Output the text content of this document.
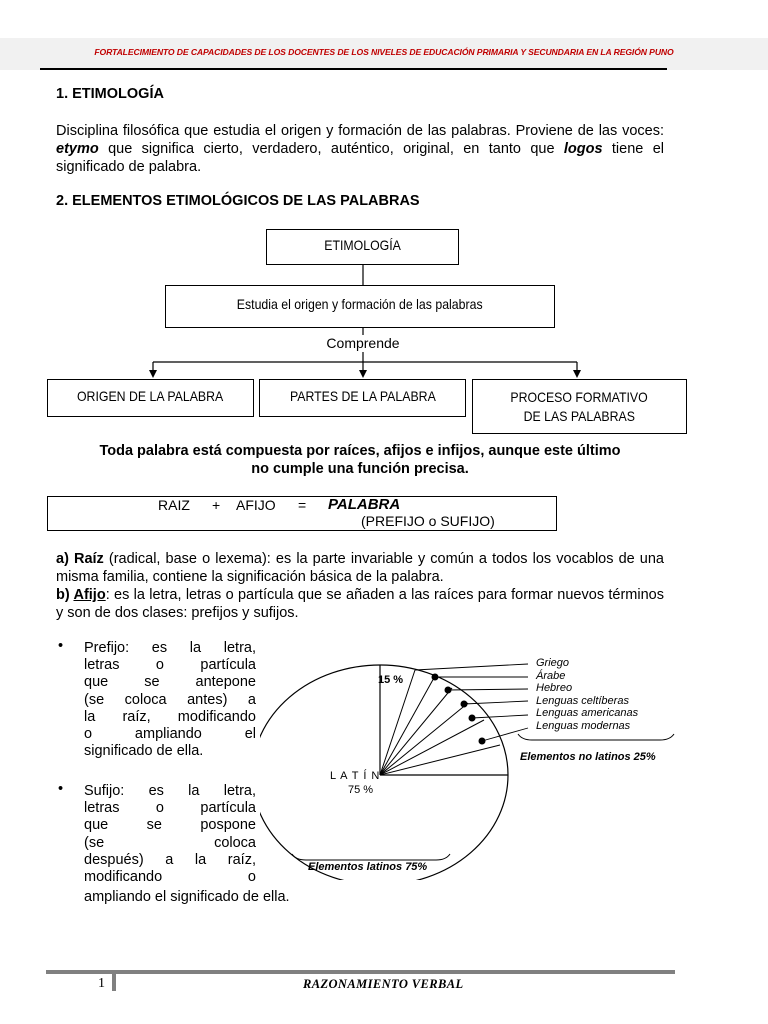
FORTALECIMIENTO DE CAPACIDADES DE LOS DOCENTES DE LOS NIVELES DE EDUCACIÓN PRIMARIA Y SECUNDARIA EN LA REGIÓN PUNO
1. ETIMOLOGÍA
Disciplina filosófica que estudia el origen y formación de las palabras. Proviene de las voces: etymo que significa cierto, verdadero, auténtico, original, en tanto que logos tiene el significado de palabra.
2. ELEMENTOS ETIMOLÓGICOS DE LAS PALABRAS
ETIMOLOGÍA
Estudia el origen y formación de las palabras
Comprende
ORIGEN DE LA PALABRA	PARTES DE LA PALABRA	PROCESO FORMATIVO
DE LAS PALABRAS
Toda palabra está compuesta por raíces, afijos e infijos, aunque este último
no cumple una función precisa.
RAIZ + AFIJO = PALABRA
(PREFIJO o SUFIJO)
a) Raíz (radical, base o lexema): es la parte invariable y común a todos los vocablos de una misma familia, contiene la significación básica de la palabra.
b) Afijo: es la letra, letras o partícula que se añaden a las raíces para formar nuevos términos y son de dos clases: prefijos y sufijos.
• Prefijo: es la letra,
letras o partícula
que se antepone
(se coloca antes) a
la raíz, modificando
o ampliando el
significado de ella.
• Sufijo: es la letra,
letras o partícula
que se pospone
(se coloca
después) a la raíz,
modificando o
ampliando el significado de ella.
15 %
L A T Í N
75 %
Griego
Árabe
Hebreo
Lenguas celtíberas
Lenguas americanas
Lenguas modernas
Elementos no latinos 25%
Elementos latinos 75%
1	RAZONAMIENTO VERBAL
